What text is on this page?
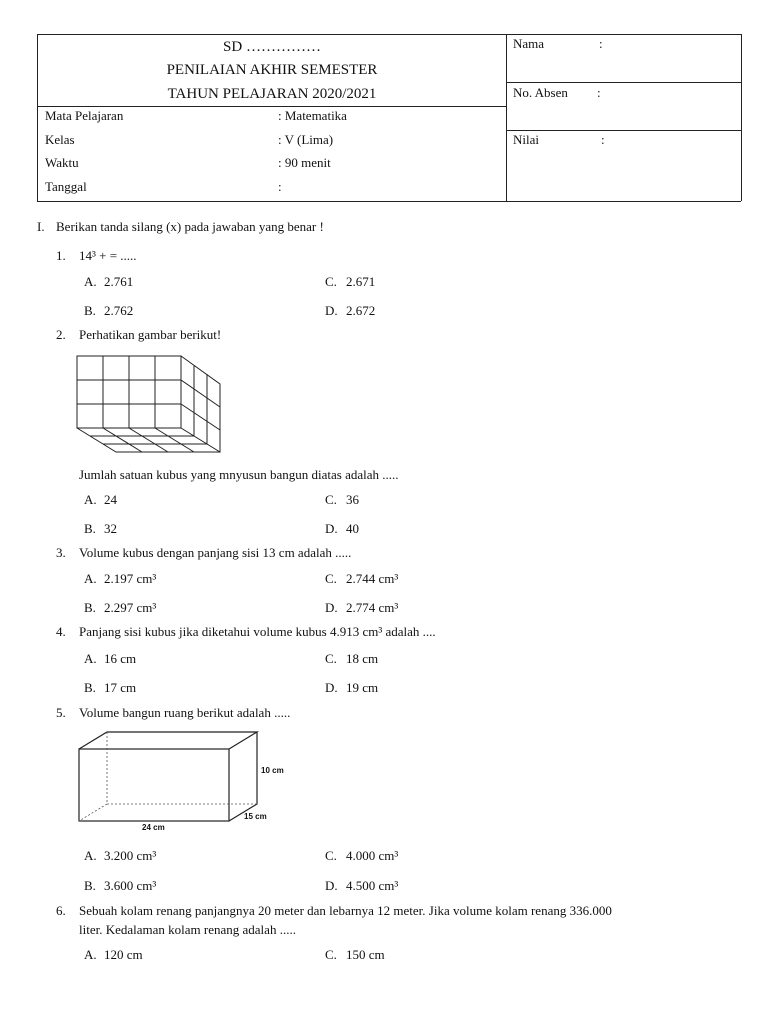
SD ……………
PENILAIAN AKHIR SEMESTER
TAHUN PELAJARAN 2020/2021
Mata Pelajaran	: Matematika
Kelas	: V (Lima)
Waktu	: 90 menit
Tanggal	:
Nama	:
No. Absen :
Nilai	:
I. Berikan tanda silang (x) pada jawaban yang benar !
1. 14³ + = .....
A. 2.761	C. 2.671
B. 2.762	D. 2.672
2. Perhatikan gambar berikut!
Jumlah satuan kubus yang mnyusun bangun diatas adalah .....
A. 24	C. 36
B. 32	D. 40
3. Volume kubus dengan panjang sisi 13 cm adalah .....
A. 2.197 cm³	C. 2.744 cm³
B. 2.297 cm³	D. 2.774 cm³
4. Panjang sisi kubus jika diketahui volume kubus 4.913 cm³ adalah ....
A. 16 cm	C. 18 cm
B. 17 cm	D. 19 cm
5. Volume bangun ruang berikut adalah .....
10 cm
15 cm
24 cm
A. 3.200 cm³	C. 4.000 cm³
B. 3.600 cm³	D. 4.500 cm³
6. Sebuah kolam renang panjangnya 20 meter dan lebarnya 12 meter. Jika volume kolam renang 336.000
liter. Kedalaman kolam renang adalah .....
A. 120 cm	C. 150 cm
